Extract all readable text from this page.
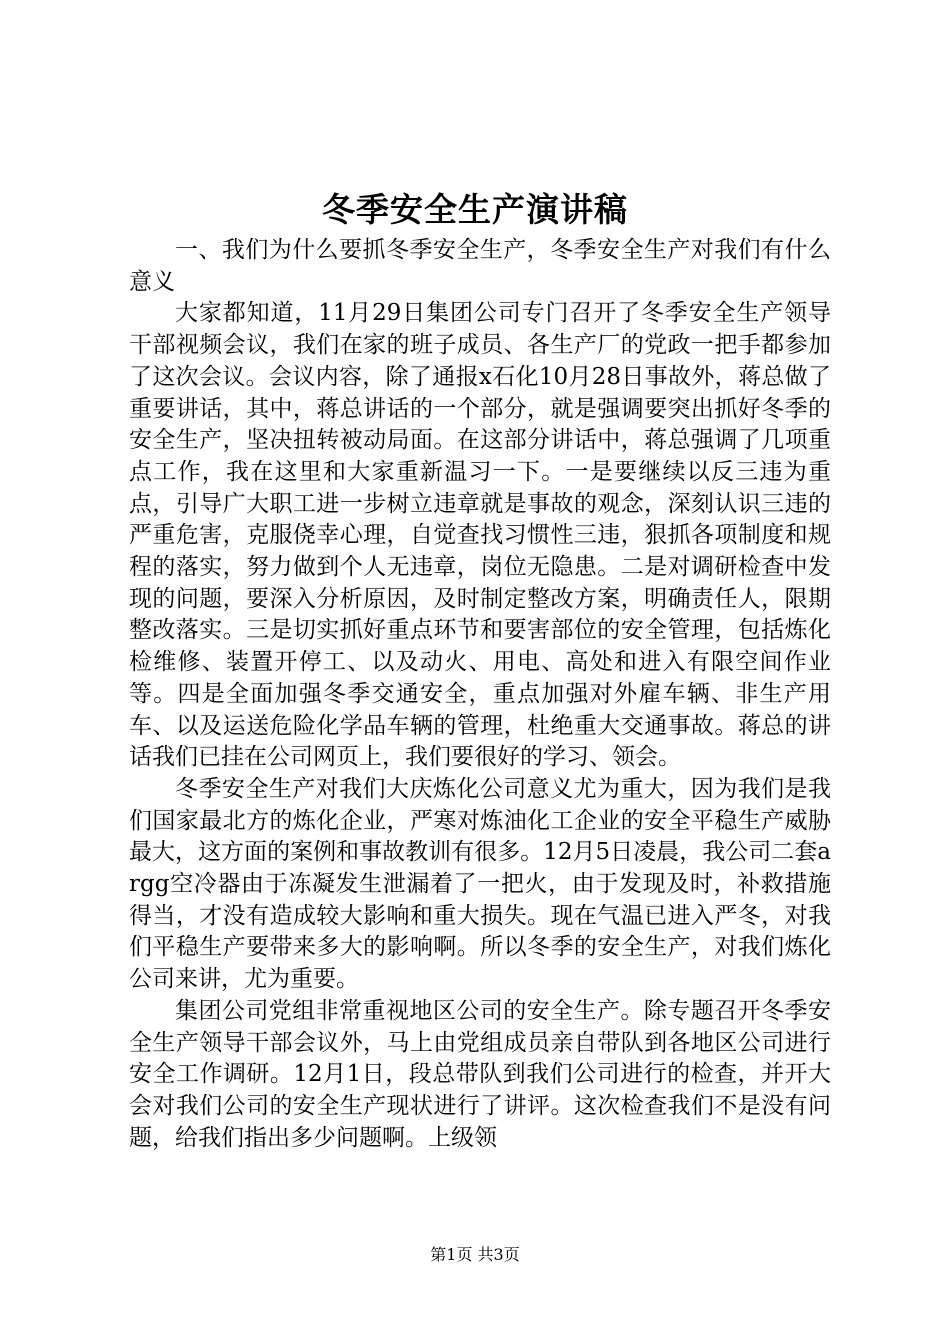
冬季安全生产演讲稿

一、我们为什么要抓冬季安全生产，冬季安全生产对我们有什么意义

大家都知道，11月29日集团公司专门召开了冬季安全生产领导干部视频会议，我们在家的班子成员、各生产厂的党政一把手都参加了这次会议。会议内容，除了通报x石化10月28日事故外，蒋总做了重要讲话，其中，蒋总讲话的一个部分，就是强调要突出抓好冬季的安全生产，坚决扭转被动局面。在这部分讲话中，蒋总强调了几项重点工作，我在这里和大家重新温习一下。一是要继续以反三违为重点，引导广大职工进一步树立违章就是事故的观念，深刻认识三违的严重危害，克服侥幸心理，自觉查找习惯性三违，狠抓各项制度和规程的落实，努力做到个人无违章，岗位无隐患。二是对调研检查中发现的问题，要深入分析原因，及时制定整改方案，明确责任人，限期整改落实。三是切实抓好重点环节和要害部位的安全管理，包括炼化检维修、装置开停工、以及动火、用电、高处和进入有限空间作业等。四是全面加强冬季交通安全，重点加强对外雇车辆、非生产用车、以及运送危险化学品车辆的管理，杜绝重大交通事故。蒋总的讲话我们已挂在公司网页上，我们要很好的学习、领会。

冬季安全生产对我们大庆炼化公司意义尤为重大，因为我们是我们国家最北方的炼化企业，严寒对炼油化工企业的安全平稳生产威胁最大，这方面的案例和事故教训有很多。12月5日凌晨，我公司二套argg空冷器由于冻凝发生泄漏着了一把火，由于发现及时，补救措施得当，才没有造成较大影响和重大损失。现在气温已进入严冬，对我们平稳生产要带来多大的影响啊。所以冬季的安全生产，对我们炼化公司来讲，尤为重要。

集团公司党组非常重视地区公司的安全生产。除专题召开冬季安全生产领导干部会议外，马上由党组成员亲自带队到各地区公司进行安全工作调研。12月1日，段总带队到我们公司进行的检查，并开大会对我们公司的安全生产现状进行了讲评。这次检查我们不是没有问题，给我们指出多少问题啊。上级领

第1页 共3页
